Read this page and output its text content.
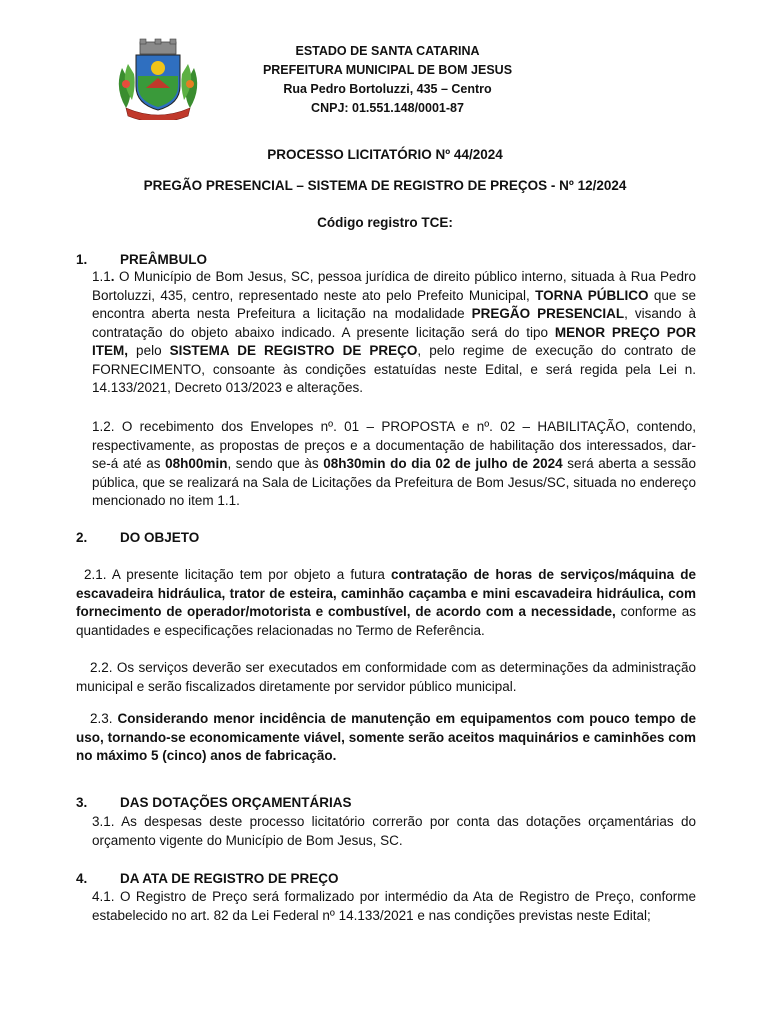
ESTADO DE SANTA CATARINA
PREFEITURA MUNICIPAL DE BOM JESUS
Rua Pedro Bortoluzzi, 435 – Centro
CNPJ: 01.551.148/0001-87
PROCESSO LICITATÓRIO Nº 44/2024
PREGÃO PRESENCIAL – SISTEMA DE REGISTRO DE PREÇOS - Nº 12/2024
Código registro TCE:
1. PREÂMBULO
1.1. O Município de Bom Jesus, SC, pessoa jurídica de direito público interno, situada à Rua Pedro Bortoluzzi, 435, centro, representado neste ato pelo Prefeito Municipal, TORNA PÚBLICO que se encontra aberta nesta Prefeitura a licitação na modalidade PREGÃO PRESENCIAL, visando à contratação do objeto abaixo indicado. A presente licitação será do tipo MENOR PREÇO POR ITEM, pelo SISTEMA DE REGISTRO DE PREÇO, pelo regime de execução do contrato de FORNECIMENTO, consoante às condições estatuídas neste Edital, e será regida pela Lei n. 14.133/2021, Decreto 013/2023 e alterações.
1.2. O recebimento dos Envelopes nº. 01 – PROPOSTA e nº. 02 – HABILITAÇÃO, contendo, respectivamente, as propostas de preços e a documentação de habilitação dos interessados, dar-se-á até as 08h00min, sendo que às 08h30min do dia 02 de julho de 2024 será aberta a sessão pública, que se realizará na Sala de Licitações da Prefeitura de Bom Jesus/SC, situada no endereço mencionado no item 1.1.
2. DO OBJETO
2.1. A presente licitação tem por objeto a futura contratação de horas de serviços/máquina de escavadeira hidráulica, trator de esteira, caminhão caçamba e mini escavadeira hidráulica, com fornecimento de operador/motorista e combustível, de acordo com a necessidade, conforme as quantidades e especificações relacionadas no Termo de Referência.
2.2. Os serviços deverão ser executados em conformidade com as determinações da administração municipal e serão fiscalizados diretamente por servidor público municipal.
2.3. Considerando menor incidência de manutenção em equipamentos com pouco tempo de uso, tornando-se economicamente viável, somente serão aceitos maquinários e caminhões com no máximo 5 (cinco) anos de fabricação.
3. DAS DOTAÇÕES ORÇAMENTÁRIAS
3.1. As despesas deste processo licitatório correrão por conta das dotações orçamentárias do orçamento vigente do Município de Bom Jesus, SC.
4. DA ATA DE REGISTRO DE PREÇO
4.1. O Registro de Preço será formalizado por intermédio da Ata de Registro de Preço, conforme estabelecido no art. 82 da Lei Federal nº 14.133/2021 e nas condições previstas neste Edital;
